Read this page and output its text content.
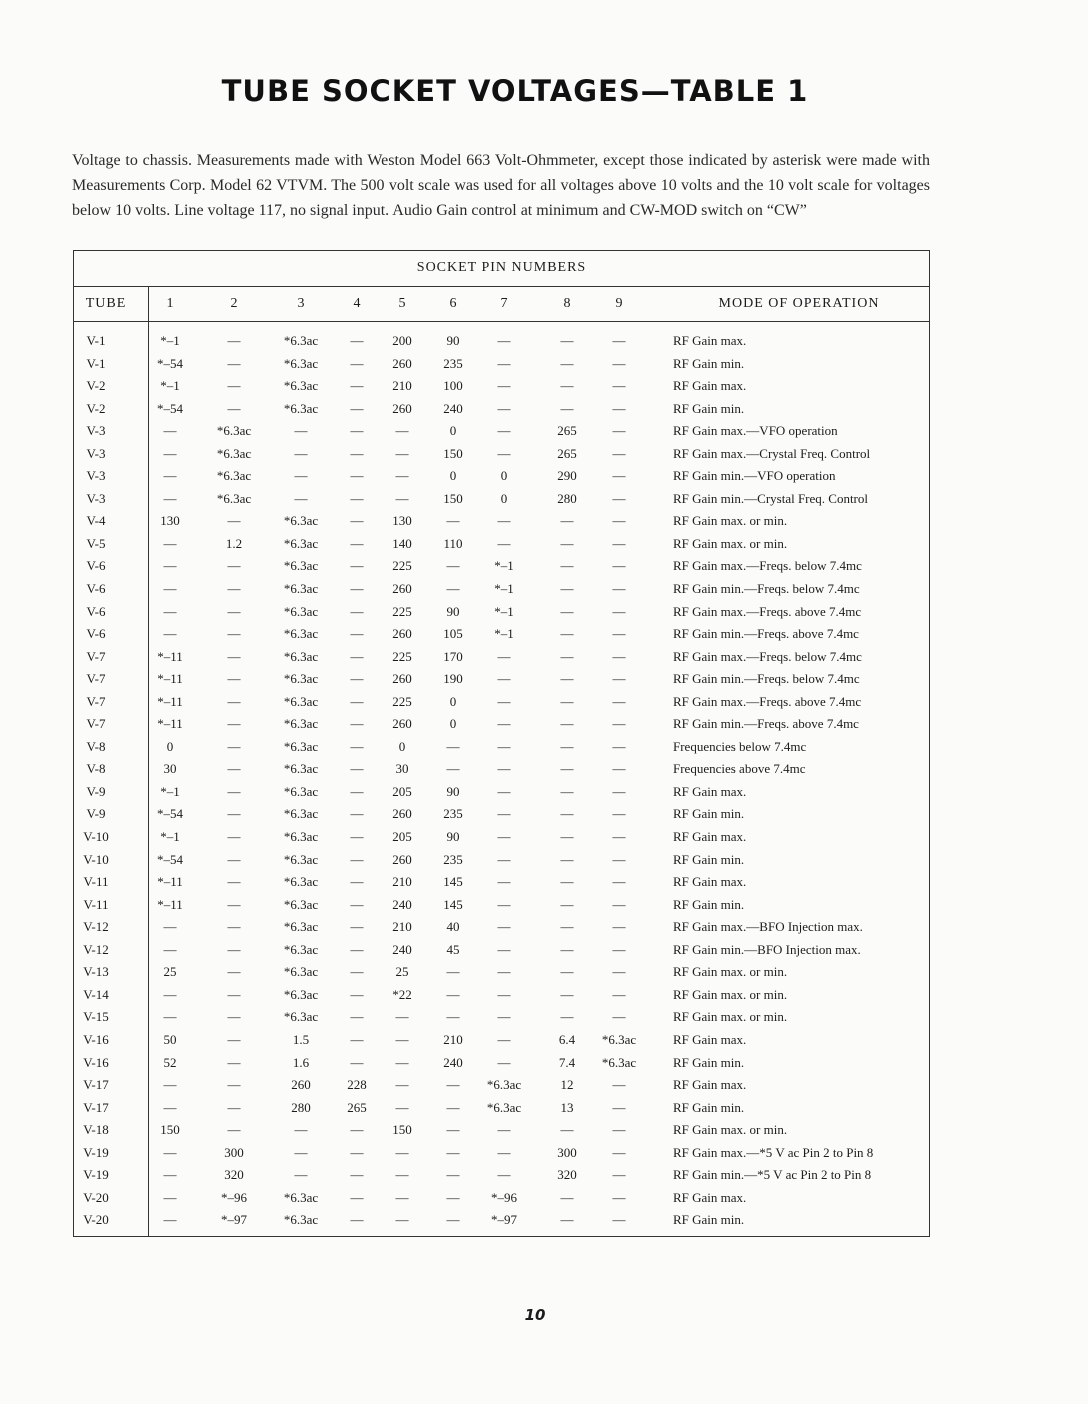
TUBE SOCKET VOLTAGES—TABLE 1

Voltage to chassis. Measurements made with Weston Model 663 Volt-Ohmmeter, except those indicated by asterisk were made with Measurements Corp. Model 62 VTVM. The 500 volt scale was used for all voltages above 10 volts and the 10 volt scale for voltages below 10 volts. Line voltage 117, no signal input. Audio Gain control at minimum and CW-MOD switch on “CW”

SOCKET PIN NUMBERS
TUBE	1	2	3	4	5	6	7	8	9	MODE OF OPERATION
V-1	*–1	—	*6.3ac	—	200	90	—	—	—	RF Gain max.
V-1	*–54	—	*6.3ac	—	260	235	—	—	—	RF Gain min.
V-2	*–1	—	*6.3ac	—	210	100	—	—	—	RF Gain max.
V-2	*–54	—	*6.3ac	—	260	240	—	—	—	RF Gain min.
V-3	—	*6.3ac	—	—	—	0	—	265	—	RF Gain max.—VFO operation
V-3	—	*6.3ac	—	—	—	150	—	265	—	RF Gain max.—Crystal Freq. Control
V-3	—	*6.3ac	—	—	—	0	0	290	—	RF Gain min.—VFO operation
V-3	—	*6.3ac	—	—	—	150	0	280	—	RF Gain min.—Crystal Freq. Control
V-4	130	—	*6.3ac	—	130	—	—	—	—	RF Gain max. or min.
V-5	—	1.2	*6.3ac	—	140	110	—	—	—	RF Gain max. or min.
V-6	—	—	*6.3ac	—	225	—	*–1	—	—	RF Gain max.—Freqs. below 7.4mc
V-6	—	—	*6.3ac	—	260	—	*–1	—	—	RF Gain min.—Freqs. below 7.4mc
V-6	—	—	*6.3ac	—	225	90	*–1	—	—	RF Gain max.—Freqs. above 7.4mc
V-6	—	—	*6.3ac	—	260	105	*–1	—	—	RF Gain min.—Freqs. above 7.4mc
V-7	*–11	—	*6.3ac	—	225	170	—	—	—	RF Gain max.—Freqs. below 7.4mc
V-7	*–11	—	*6.3ac	—	260	190	—	—	—	RF Gain min.—Freqs. below 7.4mc
V-7	*–11	—	*6.3ac	—	225	0	—	—	—	RF Gain max.—Freqs. above 7.4mc
V-7	*–11	—	*6.3ac	—	260	0	—	—	—	RF Gain min.—Freqs. above 7.4mc
V-8	0	—	*6.3ac	—	0	—	—	—	—	Frequencies below 7.4mc
V-8	30	—	*6.3ac	—	30	—	—	—	—	Frequencies above 7.4mc
V-9	*–1	—	*6.3ac	—	205	90	—	—	—	RF Gain max.
V-9	*–54	—	*6.3ac	—	260	235	—	—	—	RF Gain min.
V-10	*–1	—	*6.3ac	—	205	90	—	—	—	RF Gain max.
V-10	*–54	—	*6.3ac	—	260	235	—	—	—	RF Gain min.
V-11	*–11	—	*6.3ac	—	210	145	—	—	—	RF Gain max.
V-11	*–11	—	*6.3ac	—	240	145	—	—	—	RF Gain min.
V-12	—	—	*6.3ac	—	210	40	—	—	—	RF Gain max.—BFO Injection max.
V-12	—	—	*6.3ac	—	240	45	—	—	—	RF Gain min.—BFO Injection max.
V-13	25	—	*6.3ac	—	25	—	—	—	—	RF Gain max. or min.
V-14	—	—	*6.3ac	—	*22	—	—	—	—	RF Gain max. or min.
V-15	—	—	*6.3ac	—	—	—	—	—	—	RF Gain max. or min.
V-16	50	—	1.5	—	—	210	—	6.4	*6.3ac	RF Gain max.
V-16	52	—	1.6	—	—	240	—	7.4	*6.3ac	RF Gain min.
V-17	—	—	260	228	—	—	*6.3ac	12	—	RF Gain max.
V-17	—	—	280	265	—	—	*6.3ac	13	—	RF Gain min.
V-18	150	—	—	—	150	—	—	—	—	RF Gain max. or min.
V-19	—	300	—	—	—	—	—	300	—	RF Gain max.—*5 V ac Pin 2 to Pin 8
V-19	—	320	—	—	—	—	—	320	—	RF Gain min.—*5 V ac Pin 2 to Pin 8
V-20	—	*–96	*6.3ac	—	—	—	*–96	—	—	RF Gain max.
V-20	—	*–97	*6.3ac	—	—	—	*–97	—	—	RF Gain min.
10
